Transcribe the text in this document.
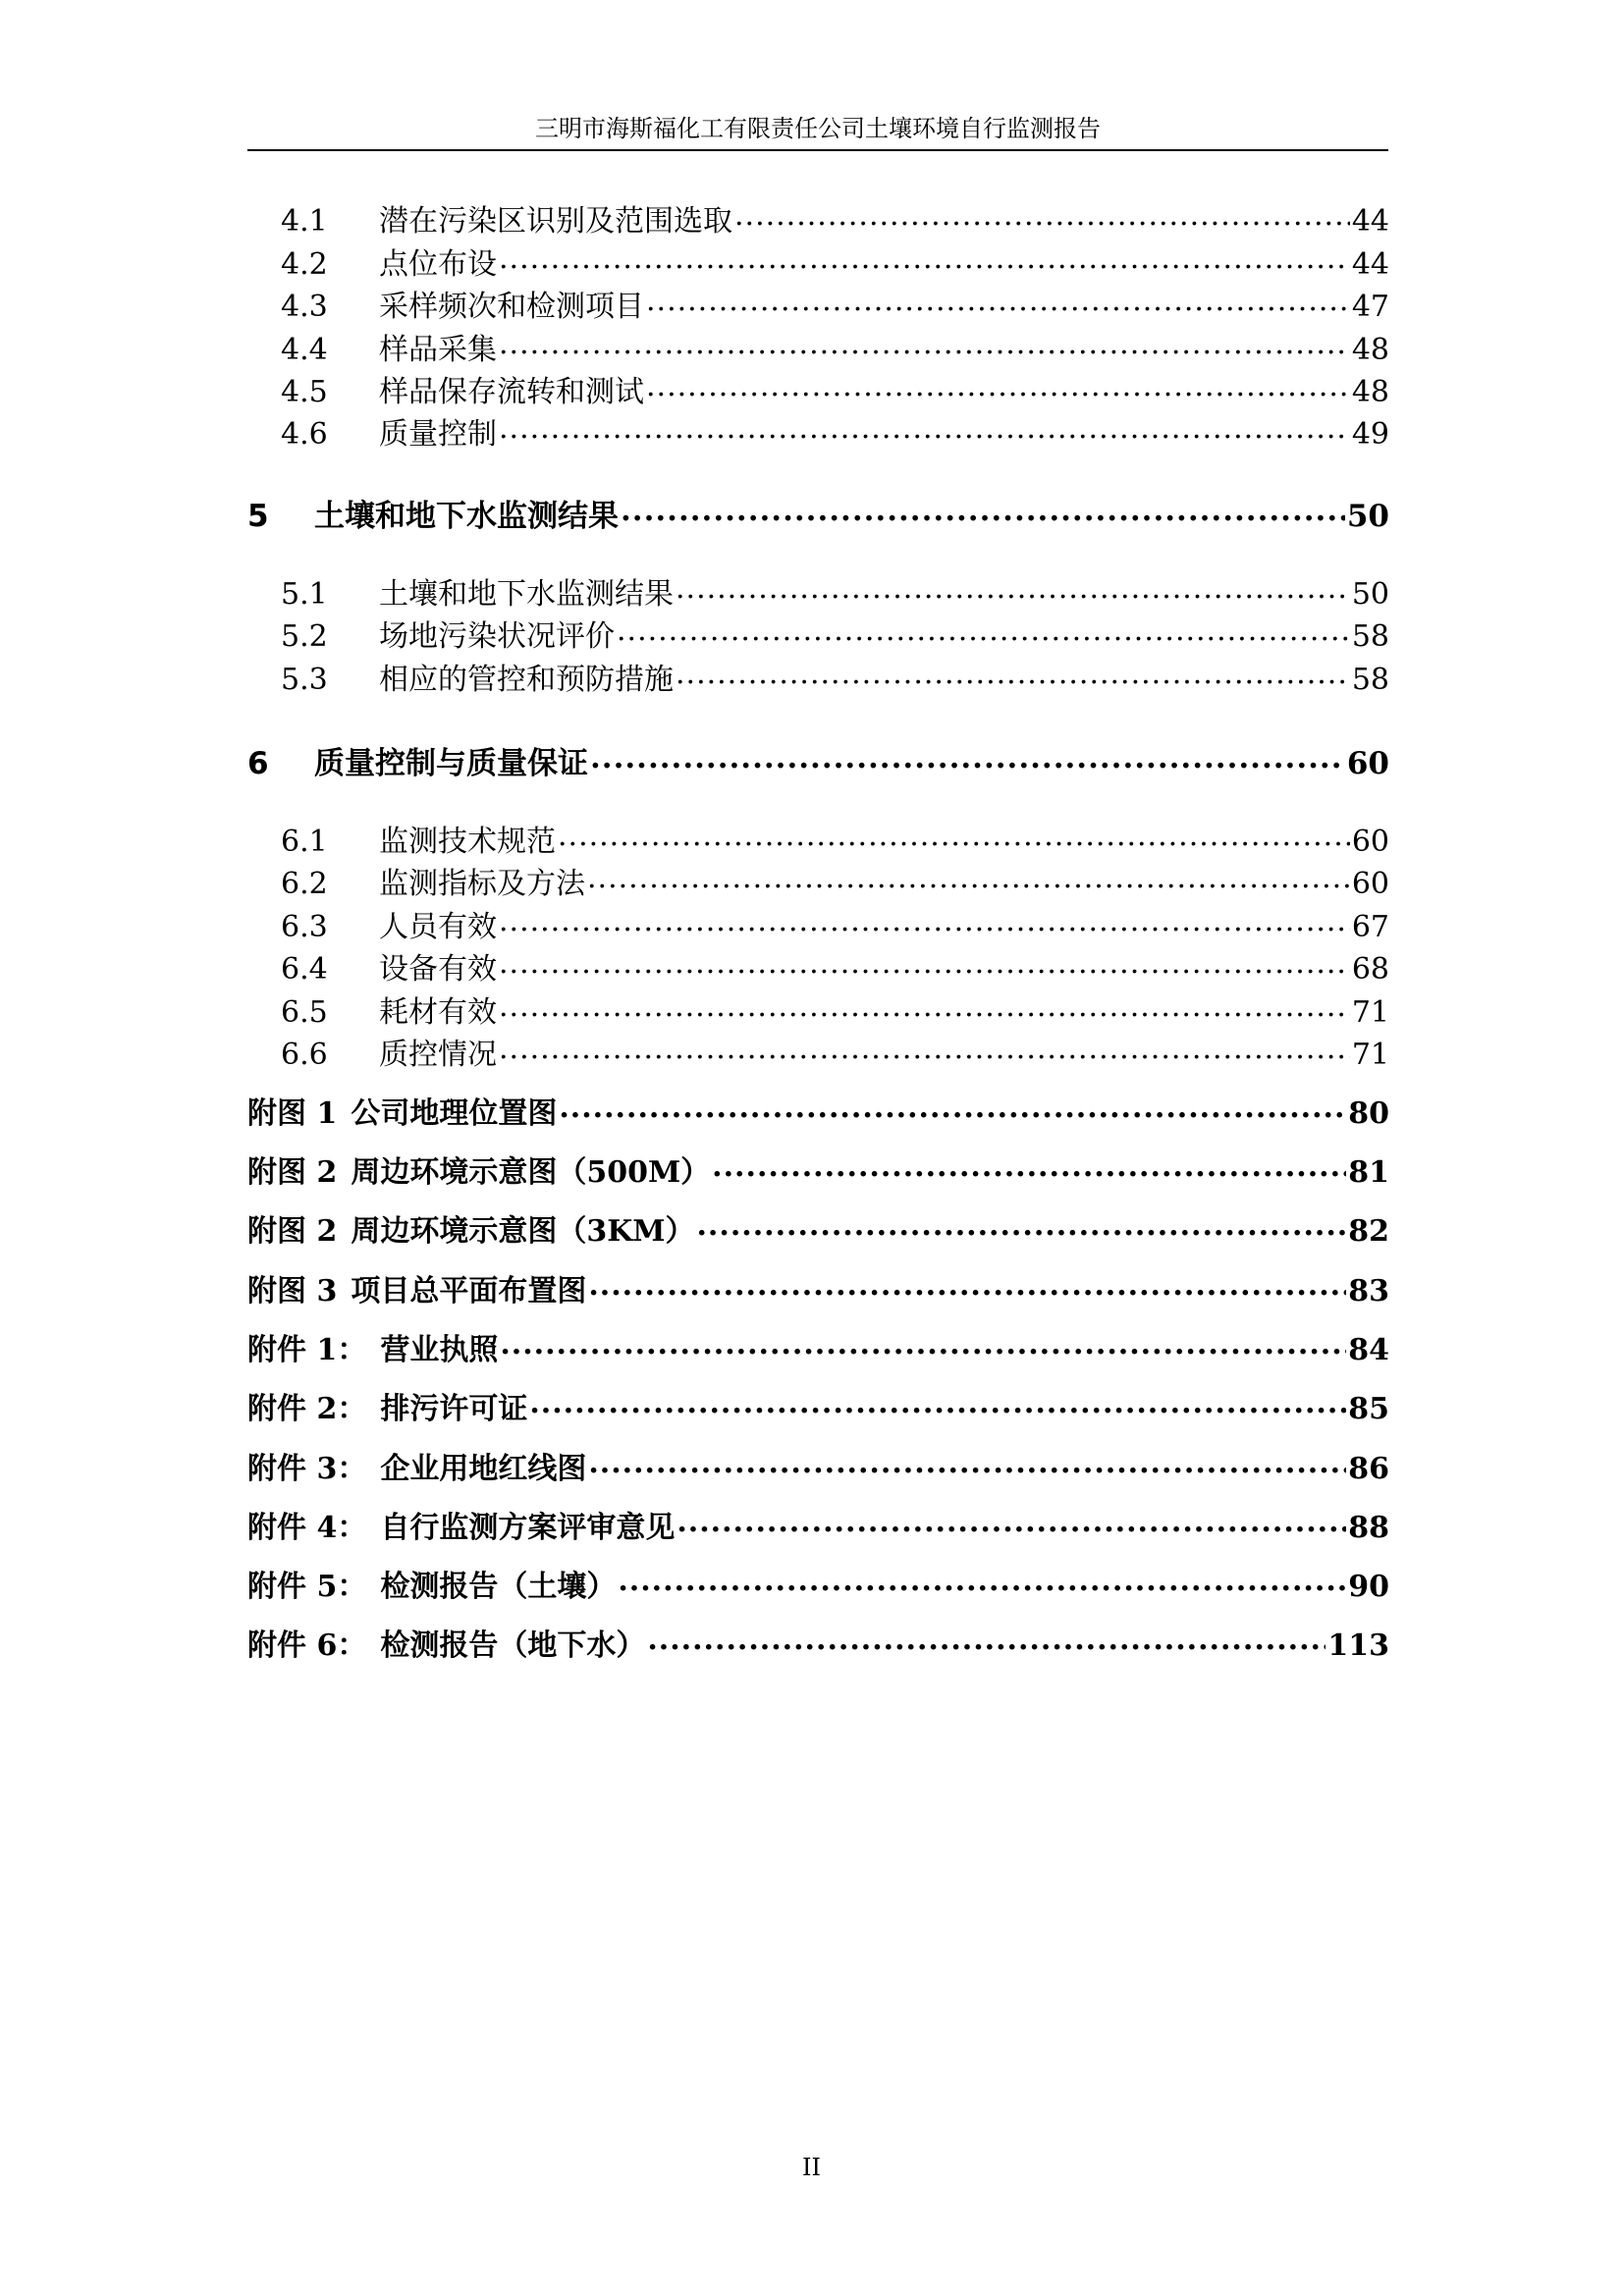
三明市海斯福化工有限责任公司土壤环境自行监测报告
4.1	潜在污染区识别及范围选取 .....	44
4.2	点位布设 .....	44
4.3	采样频次和检测项目 .....	47
4.4	样品采集 .....	48
4.5	样品保存流转和测试 .....	48
4.6	质量控制 .....	49
5	土壤和地下水监测结果 .....	50
5.1	土壤和地下水监测结果 .....	50
5.2	场地污染状况评价 .....	58
5.3	相应的管控和预防措施 .....	58
6	质量控制与质量保证 .....	60
6.1	监测技术规范 .....	60
6.2	监测指标及方法 .....	60
6.3	人员有效 .....	67
6.4	设备有效 .....	68
6.5	耗材有效 .....	71
6.6	质控情况 .....	71
附图 1 公司地理位置图 .....	80
附图 2 周边环境示意图（500M） .....	81
附图 2 周边环境示意图（3KM） .....	82
附图 3 项目总平面布置图 .....	83
附件 1： 营业执照 .....	84
附件 2： 排污许可证 .....	85
附件 3： 企业用地红线图 .....	86
附件 4： 自行监测方案评审意见 .....	88
附件 5： 检测报告（土壤） .....	90
附件 6： 检测报告（地下水） .....	113
II
